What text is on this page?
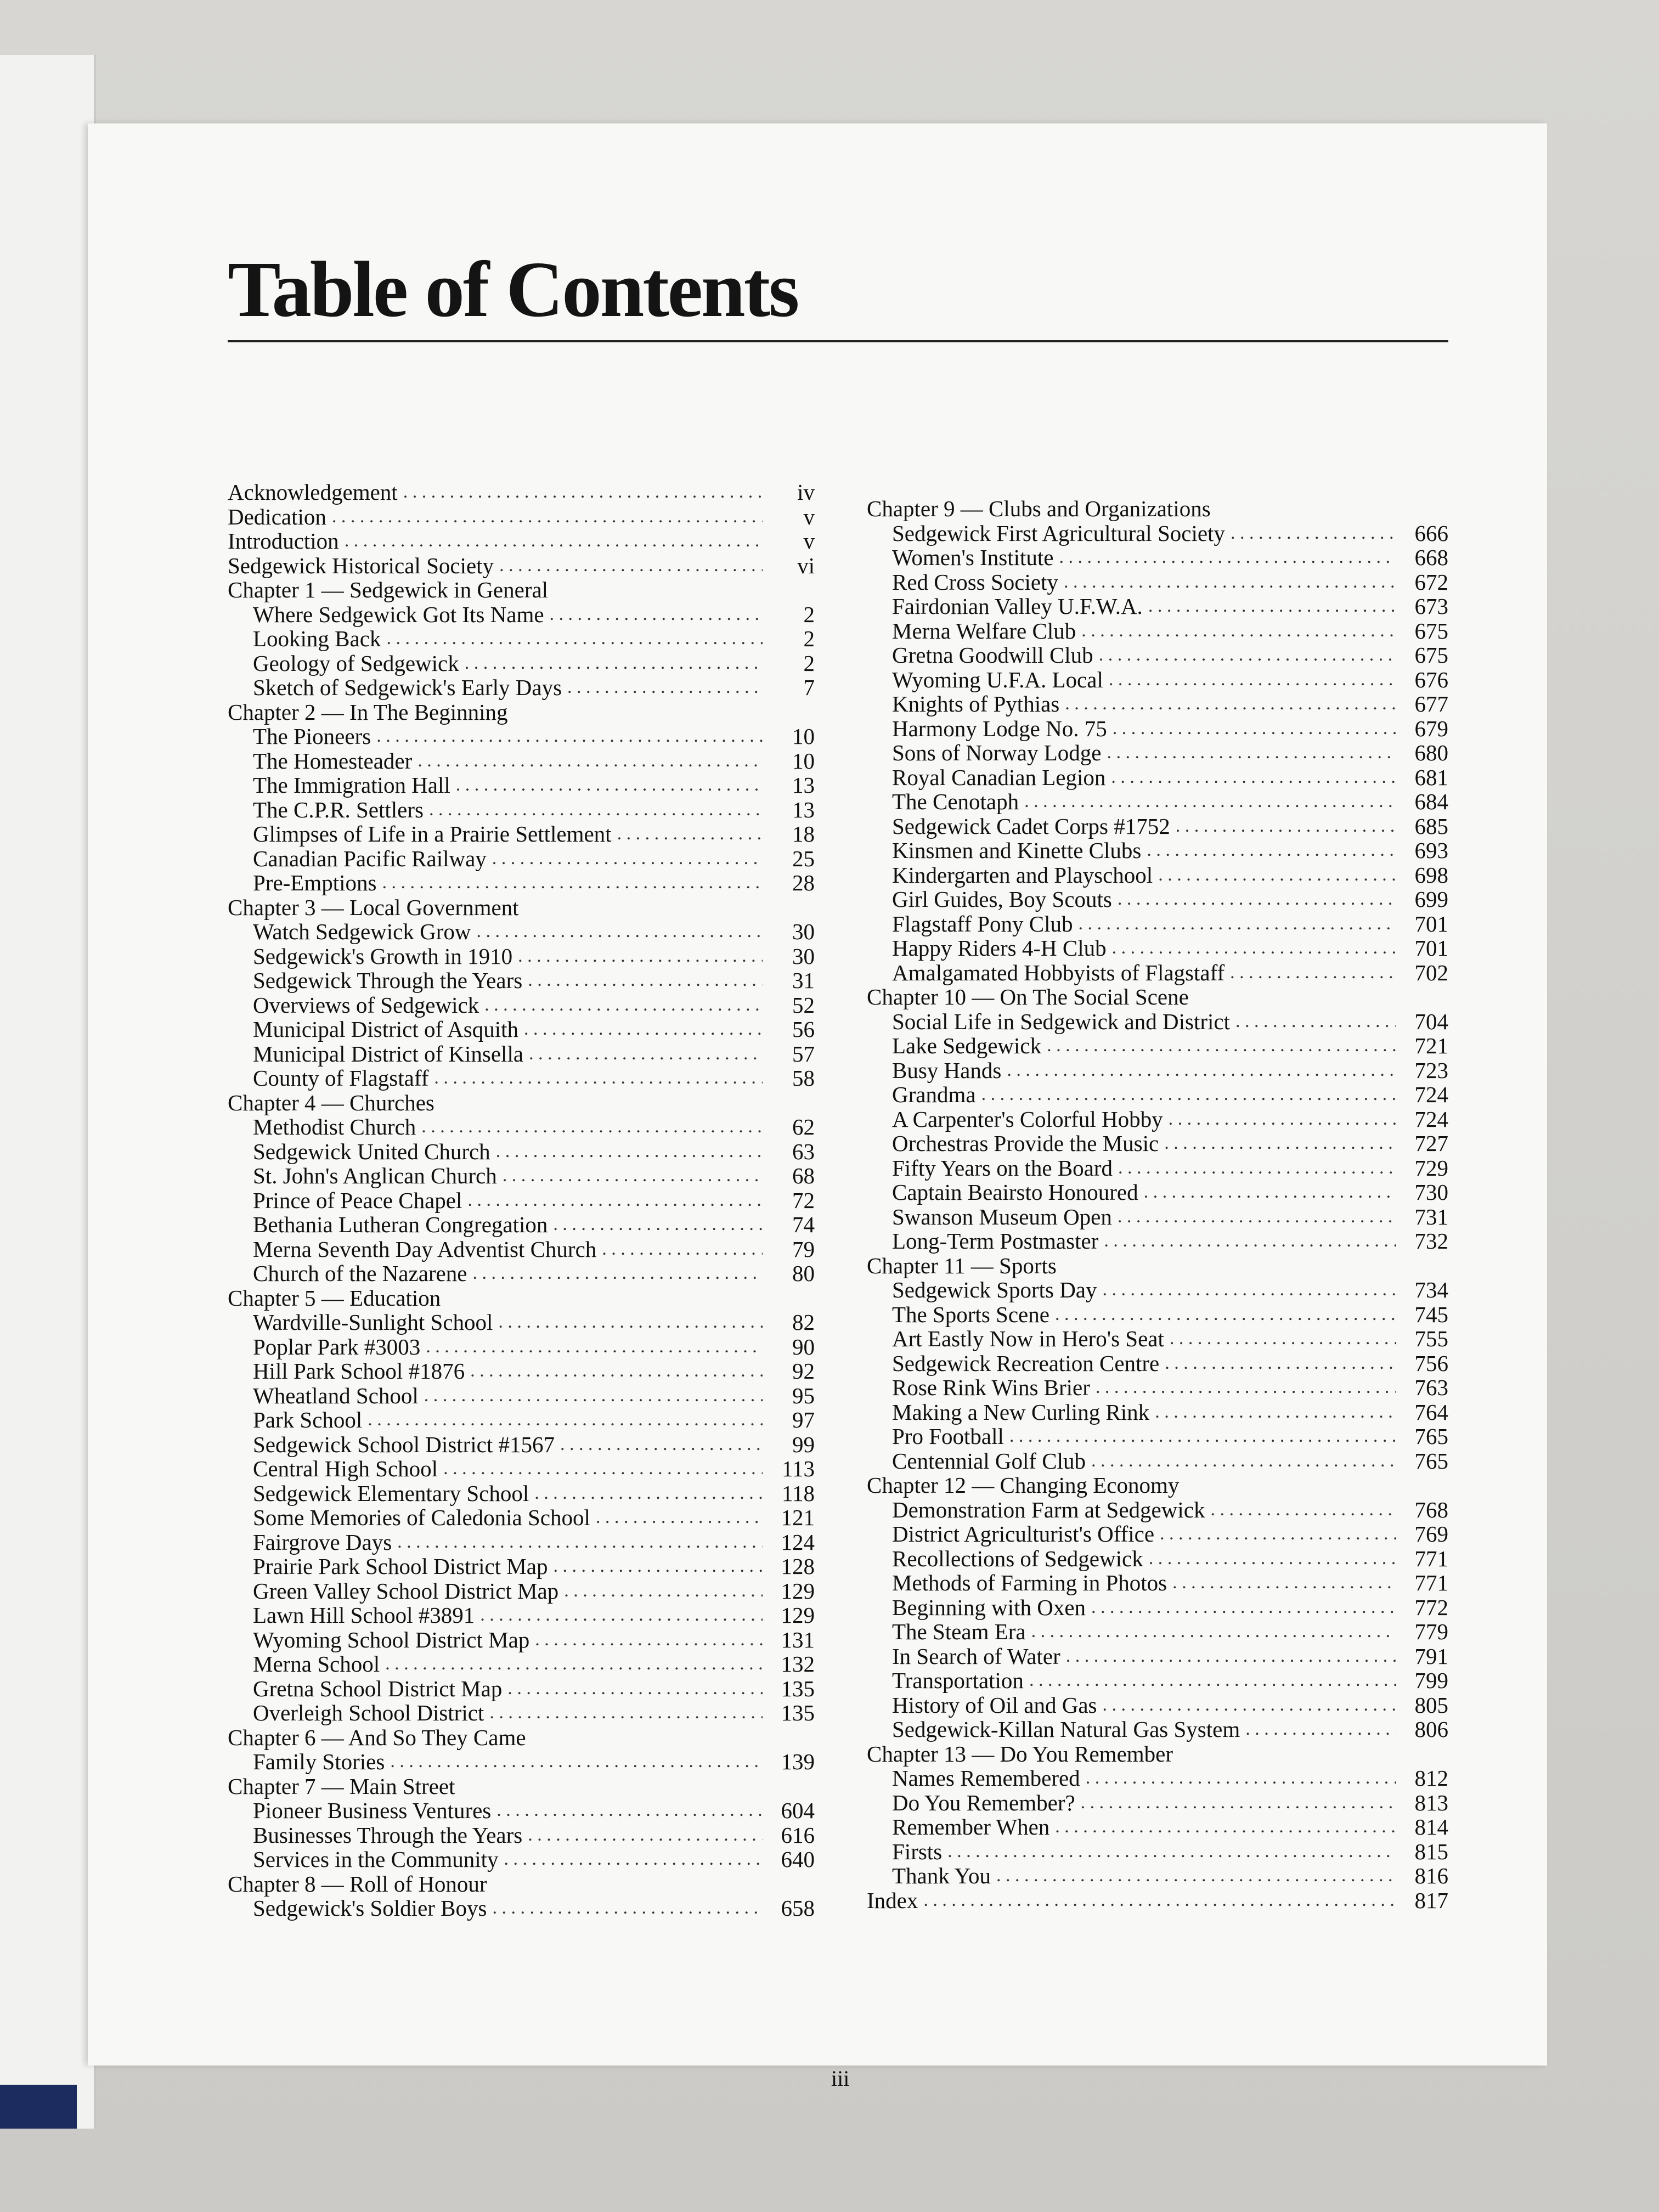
Table of Contents
Acknowledgement . . .	iv
Dedication . . .	v
Introduction . . .	v
Sedgewick Historical Society . . .	vi
Chapter 1 — Sedgewick in General
Where Sedgewick Got Its Name . . .	2
Looking Back . . .	2
Geology of Sedgewick . . .	2
Sketch of Sedgewick's Early Days . . .	7
Chapter 2 — In The Beginning
The Pioneers . . .	10
The Homesteader . . .	10
The Immigration Hall . . .	13
The C.P.R. Settlers . . .	13
Glimpses of Life in a Prairie Settlement . . .	18
Canadian Pacific Railway . . .	25
Pre-Emptions . . .	28
Chapter 3 — Local Government
Watch Sedgewick Grow . . .	30
Sedgewick's Growth in 1910 . . .	30
Sedgewick Through the Years . . .	31
Overviews of Sedgewick . . .	52
Municipal District of Asquith . . .	56
Municipal District of Kinsella . . .	57
County of Flagstaff . . .	58
Chapter 4 — Churches
Methodist Church . . .	62
Sedgewick United Church . . .	63
St. John's Anglican Church . . .	68
Prince of Peace Chapel . . .	72
Bethania Lutheran Congregation . . .	74
Merna Seventh Day Adventist Church . . .	79
Church of the Nazarene . . .	80
Chapter 5 — Education
Wardville-Sunlight School . . .	82
Poplar Park #3003 . . .	90
Hill Park School #1876 . . .	92
Wheatland School . . .	95
Park School . . .	97
Sedgewick School District #1567 . . .	99
Central High School . . .	113
Sedgewick Elementary School . . .	118
Some Memories of Caledonia School . . .	121
Fairgrove Days . . .	124
Prairie Park School District Map . . .	128
Green Valley School District Map . . .	129
Lawn Hill School #3891 . . .	129
Wyoming School District Map . . .	131
Merna School . . .	132
Gretna School District Map . . .	135
Overleigh School District . . .	135
Chapter 6 — And So They Came
Family Stories . . .	139
Chapter 7 — Main Street
Pioneer Business Ventures . . .	604
Businesses Through the Years . . .	616
Services in the Community . . .	640
Chapter 8 — Roll of Honour
Sedgewick's Soldier Boys . . .	658
Chapter 9 — Clubs and Organizations
Sedgewick First Agricultural Society . . .	666
Women's Institute . . .	668
Red Cross Society . . .	672
Fairdonian Valley U.F.W.A. . . .	673
Merna Welfare Club . . .	675
Gretna Goodwill Club . . .	675
Wyoming U.F.A. Local . . .	676
Knights of Pythias . . .	677
Harmony Lodge No. 75 . . .	679
Sons of Norway Lodge . . .	680
Royal Canadian Legion . . .	681
The Cenotaph . . .	684
Sedgewick Cadet Corps #1752 . . .	685
Kinsmen and Kinette Clubs . . .	693
Kindergarten and Playschool . . .	698
Girl Guides, Boy Scouts . . .	699
Flagstaff Pony Club . . .	701
Happy Riders 4-H Club . . .	701
Amalgamated Hobbyists of Flagstaff . . .	702
Chapter 10 — On The Social Scene
Social Life in Sedgewick and District . . .	704
Lake Sedgewick . . .	721
Busy Hands . . .	723
Grandma . . .	724
A Carpenter's Colorful Hobby . . .	724
Orchestras Provide the Music . . .	727
Fifty Years on the Board . . .	729
Captain Beairsto Honoured . . .	730
Swanson Museum Open . . .	731
Long-Term Postmaster . . .	732
Chapter 11 — Sports
Sedgewick Sports Day . . .	734
The Sports Scene . . .	745
Art Eastly Now in Hero's Seat . . .	755
Sedgewick Recreation Centre . . .	756
Rose Rink Wins Brier . . .	763
Making a New Curling Rink . . .	764
Pro Football . . .	765
Centennial Golf Club . . .	765
Chapter 12 — Changing Economy
Demonstration Farm at Sedgewick . . .	768
District Agriculturist's Office . . .	769
Recollections of Sedgewick . . .	771
Methods of Farming in Photos . . .	771
Beginning with Oxen . . .	772
The Steam Era . . .	779
In Search of Water . . .	791
Transportation . . .	799
History of Oil and Gas . . .	805
Sedgewick-Killan Natural Gas System . . .	806
Chapter 13 — Do You Remember
Names Remembered . . .	812
Do You Remember? . . .	813
Remember When . . .	814
Firsts . . .	815
Thank You . . .	816
Index . . .	817
iii
